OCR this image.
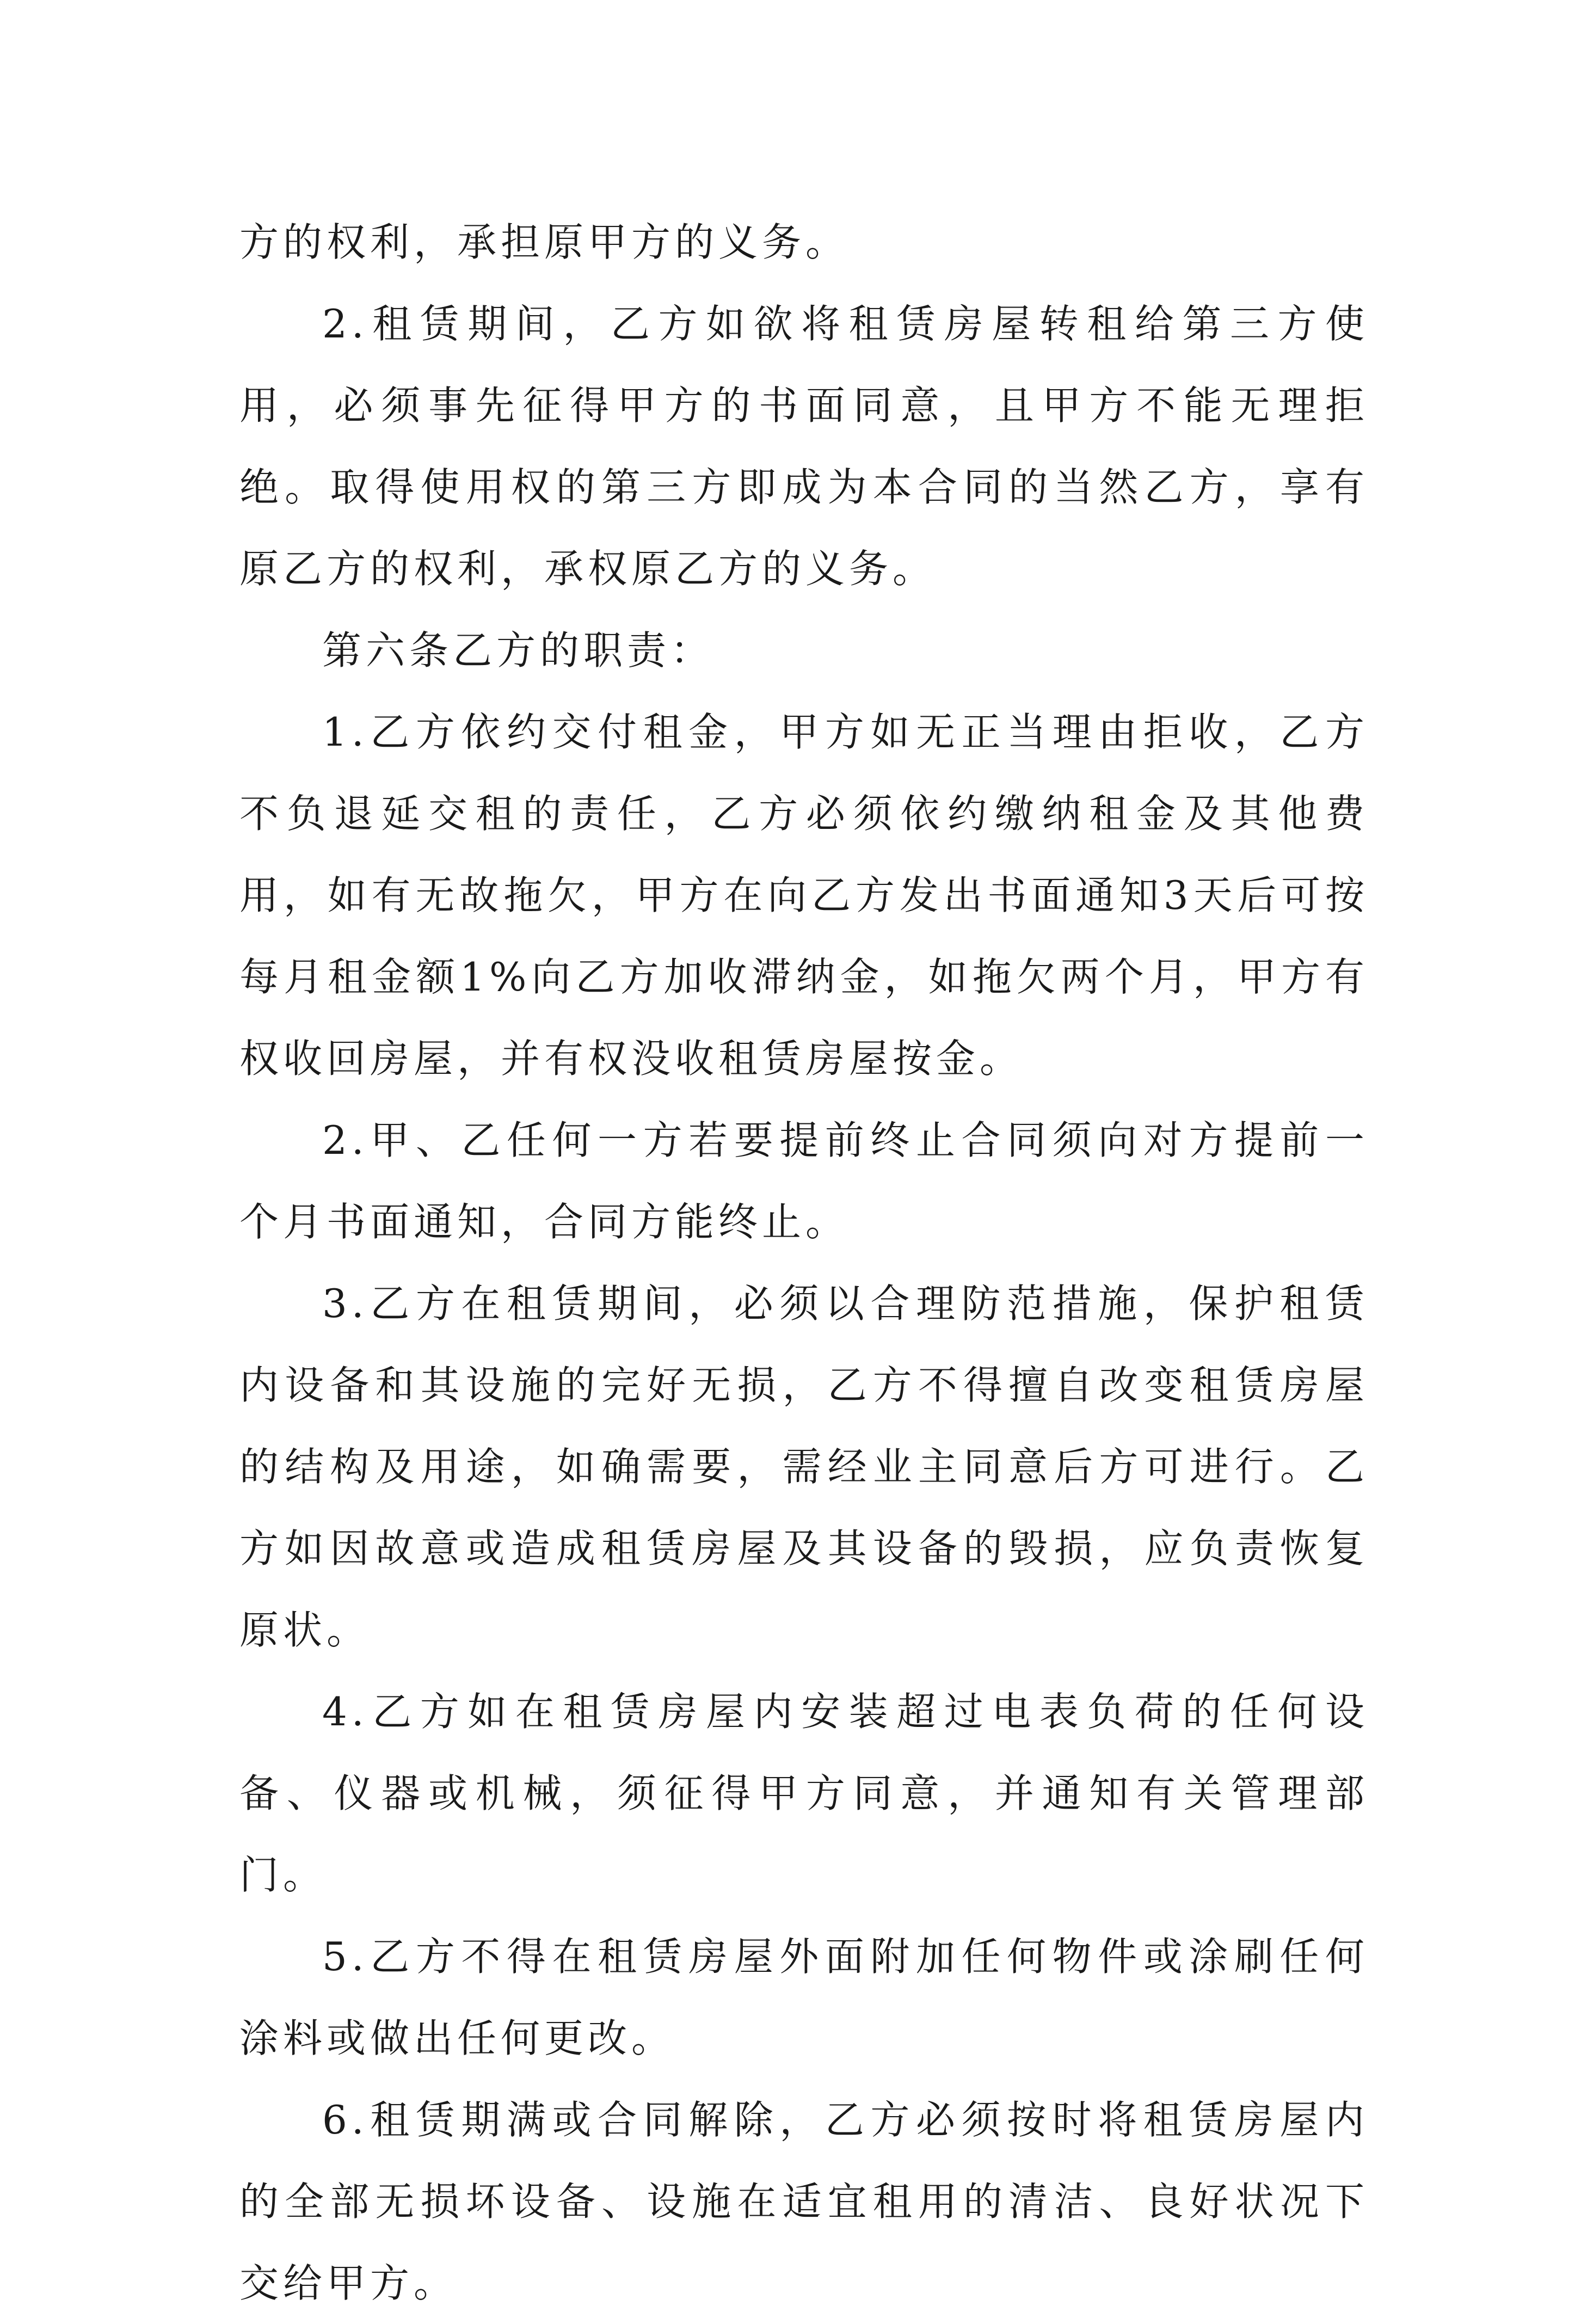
方的权利，承担原甲方的义务。

2.租赁期间，乙方如欲将租赁房屋转租给第三方使用，必须事先征得甲方的书面同意，且甲方不能无理拒绝。取得使用权的第三方即成为本合同的当然乙方，享有原乙方的权利，承权原乙方的义务。

第六条乙方的职责：

1.乙方依约交付租金，甲方如无正当理由拒收，乙方不负退延交租的责任，乙方必须依约缴纳租金及其他费用，如有无故拖欠，甲方在向乙方发出书面通知3天后可按每月租金额1%向乙方加收滞纳金，如拖欠两个月，甲方有权收回房屋，并有权没收租赁房屋按金。

2.甲、乙任何一方若要提前终止合同须向对方提前一个月书面通知，合同方能终止。

3.乙方在租赁期间，必须以合理防范措施，保护租赁内设备和其设施的完好无损，乙方不得擅自改变租赁房屋的结构及用途，如确需要，需经业主同意后方可进行。乙方如因故意或造成租赁房屋及其设备的毁损，应负责恢复原状。

4.乙方如在租赁房屋内安装超过电表负荷的任何设备、仪器或机械，须征得甲方同意，并通知有关管理部门。

5.乙方不得在租赁房屋外面附加任何物件或涂刷任何涂料或做出任何更改。

6.租赁期满或合同解除，乙方必须按时将租赁房屋内的全部无损坏设备、设施在适宜租用的清洁、良好状况下交给甲方。
